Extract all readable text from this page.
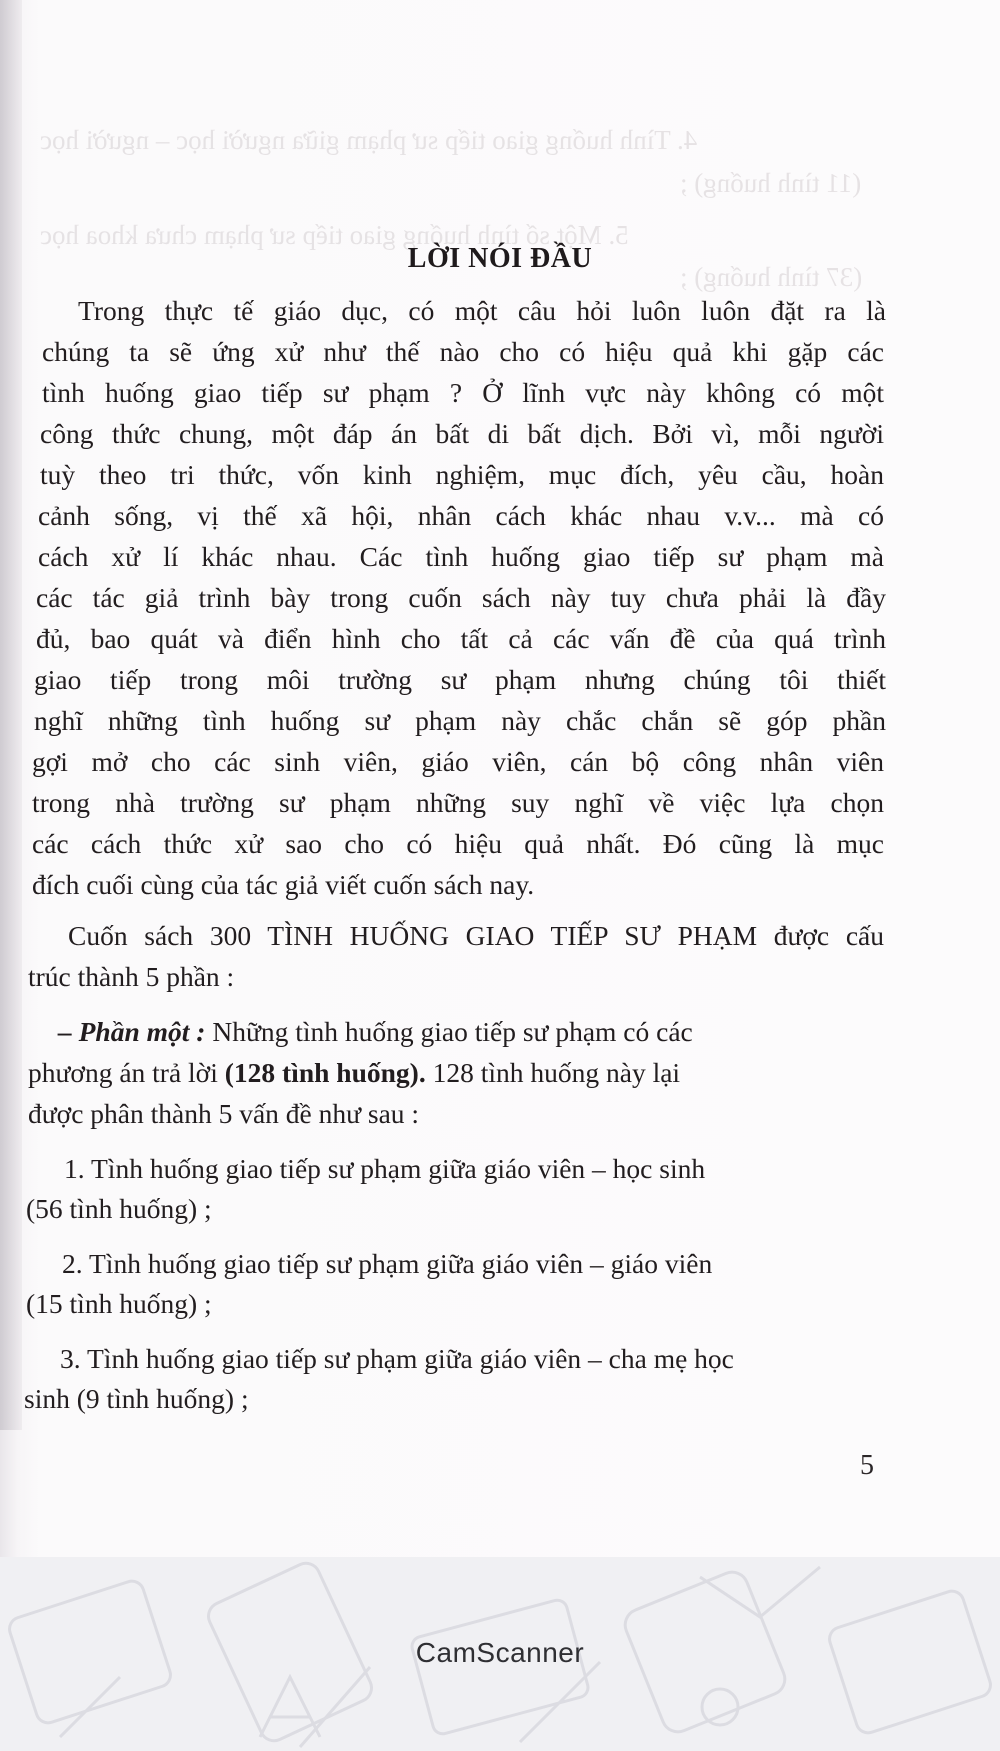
4. Tình huống giao tiếp sư phạm giữa người học – người học
(11 tình huống) ;
5. Một số tình huống giao tiếp sư phạm chưa khoa học
(37 tình huống) ;
LỜI NÓI ĐẦU
Trong thực tế giáo dục, có một câu hỏi luôn luôn đặt ra là
chúng ta sẽ ứng xử như thế nào cho có hiệu quả khi gặp các
tình huống giao tiếp sư phạm ? Ở lĩnh vực này không có một
công thức chung, một đáp án bất di bất dịch. Bởi vì, mỗi người
tuỳ theo tri thức, vốn kinh nghiệm, mục đích, yêu cầu, hoàn
cảnh sống, vị thế xã hội, nhân cách khác nhau v.v... mà có
cách xử lí khác nhau. Các tình huống giao tiếp sư phạm mà
các tác giả trình bày trong cuốn sách này tuy chưa phải là đầy
đủ, bao quát và điển hình cho tất cả các vấn đề của quá trình
giao tiếp trong môi trường sư phạm nhưng chúng tôi thiết
nghĩ những tình huống sư phạm này chắc chắn sẽ góp phần
gợi mở cho các sinh viên, giáo viên, cán bộ công nhân viên
trong nhà trường sư phạm những suy nghĩ về việc lựa chọn
các cách thức xử sao cho có hiệu quả nhất. Đó cũng là mục
đích cuối cùng của tác giả viết cuốn sách nay.
Cuốn sách 300 TÌNH HUỐNG GIAO TIẾP SƯ PHẠM được cấu
trúc thành 5 phần :
– Phần một : Những tình huống giao tiếp sư phạm có các
phương án trả lời (128 tình huống). 128 tình huống này lại
được phân thành 5 vấn đề như sau :
1. Tình huống giao tiếp sư phạm giữa giáo viên – học sinh
(56 tình huống) ;
2. Tình huống giao tiếp sư phạm giữa giáo viên – giáo viên
(15 tình huống) ;
3. Tình huống giao tiếp sư phạm giữa giáo viên – cha mẹ học
sinh (9 tình huống) ;
5
CamScanner
